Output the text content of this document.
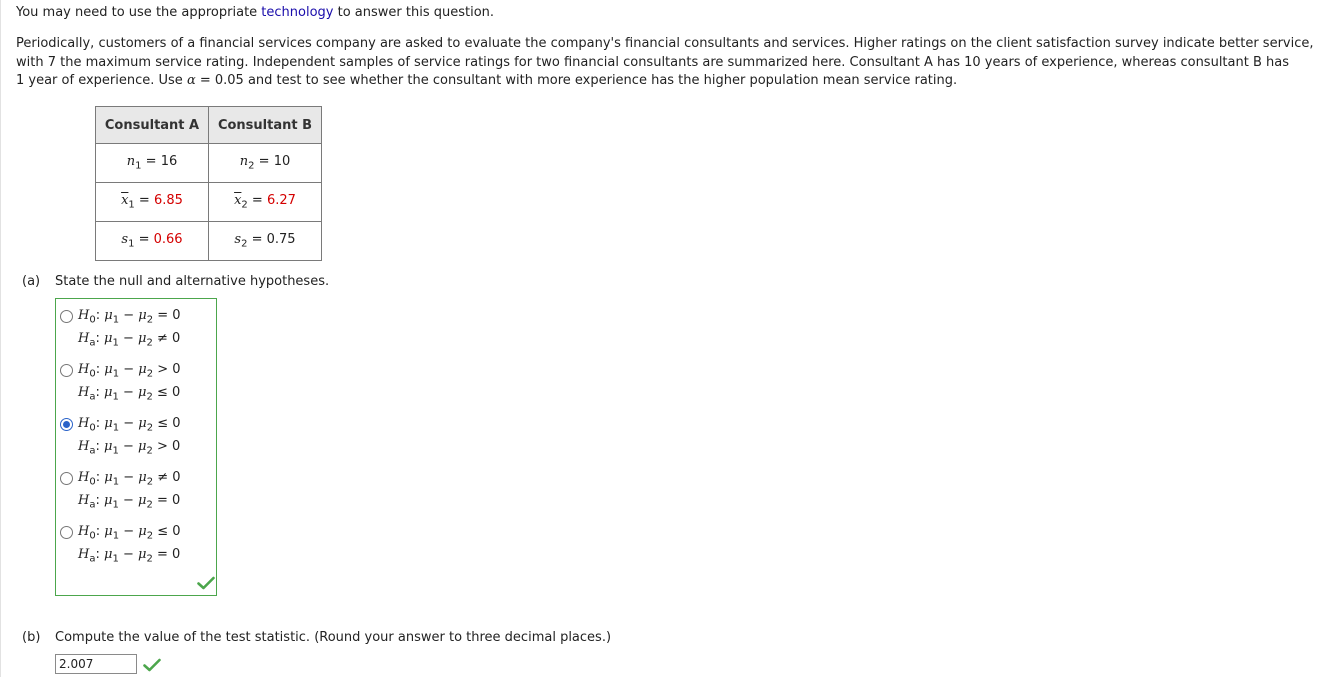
You may need to use the appropriate technology to answer this question.
Periodically, customers of a financial services company are asked to evaluate the company's financial consultants and services. Higher ratings on the client satisfaction survey indicate better service,
with 7 the maximum service rating. Independent samples of service ratings for two financial consultants are summarized here. Consultant A has 10 years of experience, whereas consultant B has
1 year of experience. Use α = 0.05 and test to see whether the consultant with more experience has the higher population mean service rating.
Consultant A	Consultant B
$n_1 = 16$	$n_2 = 10$
$\overline{x}_1 = 6.85$	$\overline{x}_2 = 6.27$
$s_1 = 0.66$	$s_2 = 0.75$
(a) State the null and alternative hypotheses.
$H_0$: $\mu_1 - \mu_2 = 0$
$H_a$: $\mu_1 - \mu_2 \ne 0$
$H_0$: $\mu_1 - \mu_2 > 0$
$H_a$: $\mu_1 - \mu_2 \le 0$
$H_0$: $\mu_1 - \mu_2 \le 0$
$H_a$: $\mu_1 - \mu_2 > 0$
$H_0$: $\mu_1 - \mu_2 \ne 0$
$H_a$: $\mu_1 - \mu_2 = 0$
$H_0$: $\mu_1 - \mu_2 \le 0$
$H_a$: $\mu_1 - \mu_2 = 0$
(b) Compute the value of the test statistic. (Round your answer to three decimal places.)
2.007
